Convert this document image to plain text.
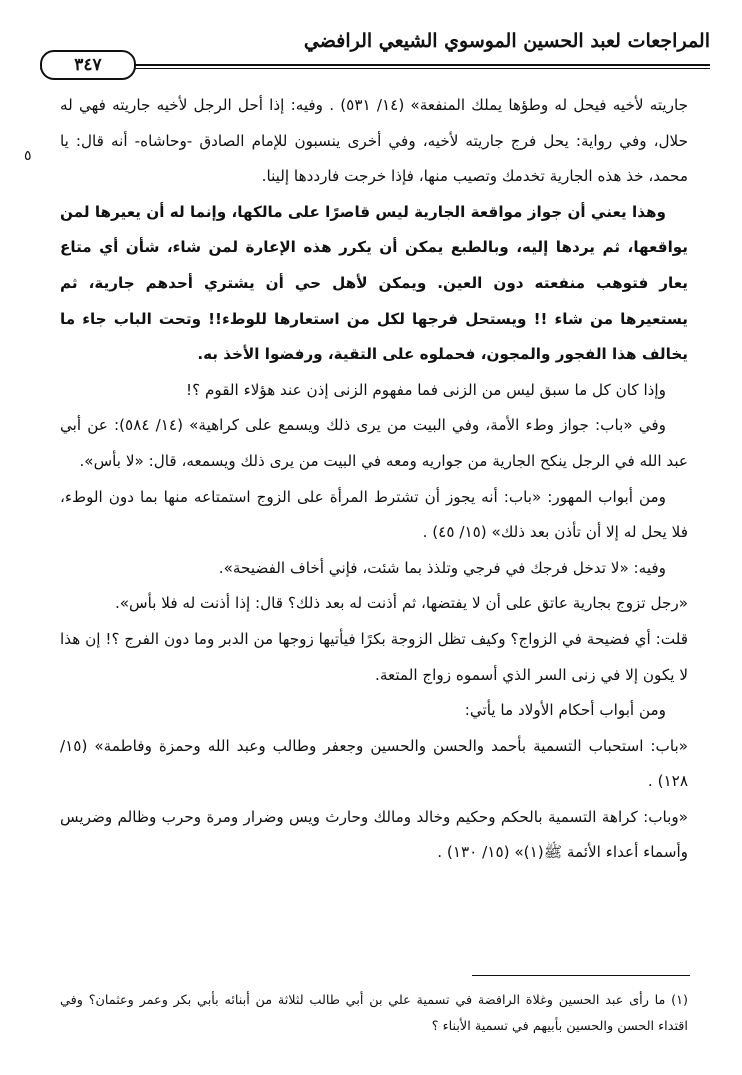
المراجعات لعبد الحسين الموسوي الشيعي الرافضي
٣٤٧
٥

جاريته لأخيه فيحل له وطؤها يملك المنفعة» (١٤/ ٥٣١) . وفيه: إذا أحل الرجل لأخيه جاريته فهي له حلال، وفي رواية: يحل فرج جاريته لأخيه، وفي أخرى ينسبون للإمام الصادق -وحاشاه- أنه قال: يا محمد، خذ هذه الجارية تخدمك وتصيب منها، فإذا خرجت فارددها إلينا.

وهذا يعني أن جواز مواقعة الجارية ليس قاصرًا على مالكها، وإنما له أن يعيرها لمن يواقعها، ثم يردها إليه، وبالطبع يمكن أن يكرر هذه الإعارة لمن شاء، شأن أي متاع يعار فتوهب منفعته دون العين. ويمكن لأهل حي أن يشتري أحدهم جارية، ثم يستعيرها من شاء !! ويستحل فرجها لكل من استعارها للوطء!! وتحت الباب جاء ما يخالف هذا الفجور والمجون، فحملوه على التقية، ورفضوا الأخذ به.

وإذا كان كل ما سبق ليس من الزنى فما مفهوم الزنى إذن عند هؤلاء القوم ؟!

وفي «باب: جواز وطء الأمة، وفي البيت من يرى ذلك ويسمع على كراهية» (١٤/ ٥٨٤): عن أبي عبد الله في الرجل ينكح الجارية من جواريه ومعه في البيت من يرى ذلك ويسمعه، قال: «لا بأس».

ومن أبواب المهور: «باب: أنه يجوز أن تشترط المرأة على الزوج استمتاعه منها بما دون الوطء، فلا يحل له إلا أن تأذن بعد ذلك» (١٥/ ٤٥) .

وفيه: «لا تدخل فرجك في فرجي وتلذذ بما شئت، فإني أخاف الفضيحة».

«رجل تزوج بجارية عاتق على أن لا يفتضها، ثم أذنت له بعد ذلك؟ قال: إذا أذنت له فلا بأس».

قلت: أي فضيحة في الزواج؟ وكيف تظل الزوجة بكرًا فيأتيها زوجها من الدبر وما دون الفرج ؟! إن هذا لا يكون إلا في زنى السر الذي أسموه زواج المتعة.

ومن أبواب أحكام الأولاد ما يأتي:

«باب: استحباب التسمية بأحمد والحسن والحسين وجعفر وطالب وعبد الله وحمزة وفاطمة» (١٥/ ١٢٨) .

«وباب: كراهة التسمية بالحكم وحكيم وخالد ومالك وحارث ويس وضرار ومرة وحرب وظالم وضريس وأسماء أعداء الأئمة ﷺ(١)» (١٥/ ١٣٠) .

(١) ما رأى عبد الحسين وغلاة الرافضة في تسمية علي بن أبي طالب لثلاثة من أبنائه بأبي بكر وعمر وعثمان؟ وفي اقتداء الحسن والحسين بأبيهم في تسمية الأبناء ؟
